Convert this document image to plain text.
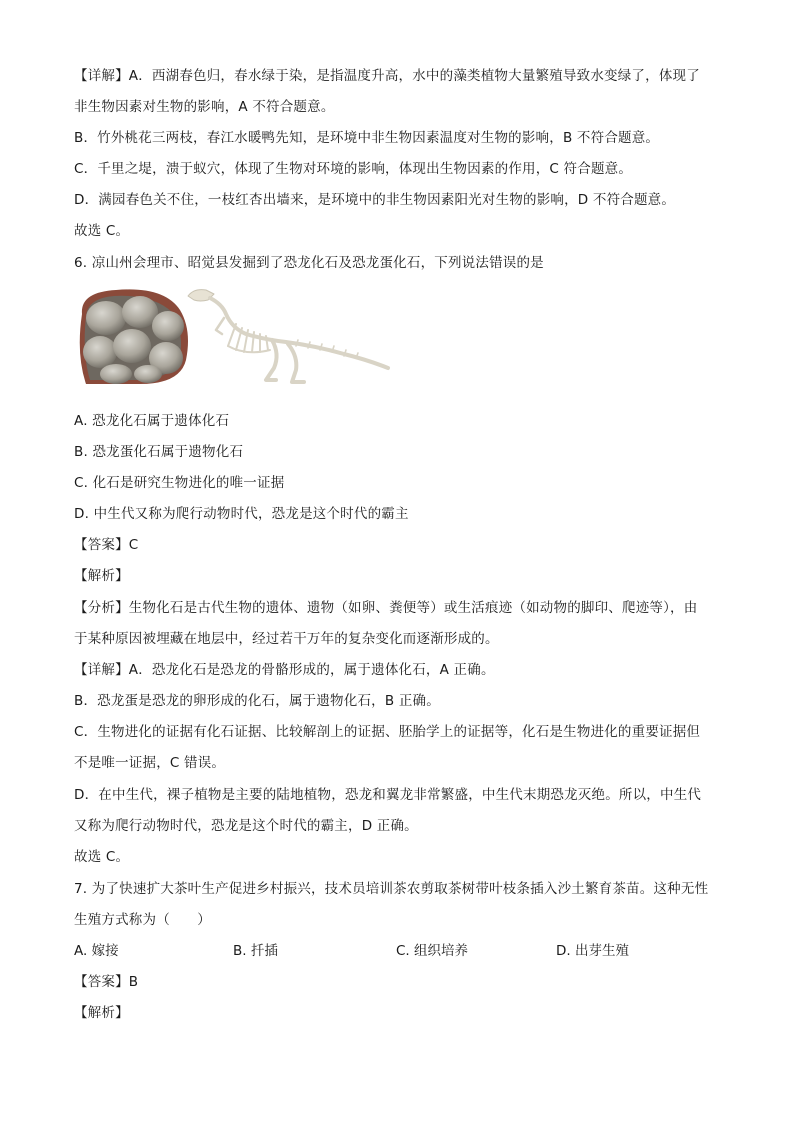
【详解】A．西湖春色归，春水绿于染，是指温度升高，水中的藻类植物大量繁殖导致水变绿了，体现了
非生物因素对生物的影响，A 不符合题意。
B．竹外桃花三两枝，春江水暖鸭先知，是环境中非生物因素温度对生物的影响，B 不符合题意。
C．千里之堤，溃于蚁穴，体现了生物对环境的影响，体现出生物因素的作用，C 符合题意。
D．满园春色关不住，一枝红杏出墙来，是环境中的非生物因素阳光对生物的影响，D 不符合题意。
故选 C。
6. 凉山州会理市、昭觉县发掘到了恐龙化石及恐龙蛋化石，下列说法错误的是
A. 恐龙化石属于遗体化石
B. 恐龙蛋化石属于遗物化石
C. 化石是研究生物进化的唯一证据
D. 中生代又称为爬行动物时代，恐龙是这个时代的霸主
【答案】C
【解析】
【分析】生物化石是古代生物的遗体、遗物（如卵、粪便等）或生活痕迹（如动物的脚印、爬迹等），由
于某种原因被埋藏在地层中，经过若干万年的复杂变化而逐渐形成的。
【详解】A．恐龙化石是恐龙的骨骼形成的，属于遗体化石，A 正确。
B．恐龙蛋是恐龙的卵形成的化石，属于遗物化石，B 正确。
C．生物进化的证据有化石证据、比较解剖上的证据、胚胎学上的证据等，化石是生物进化的重要证据但
不是唯一证据，C 错误。
D．在中生代，裸子植物是主要的陆地植物，恐龙和翼龙非常繁盛，中生代末期恐龙灭绝。所以，中生代
又称为爬行动物时代，恐龙是这个时代的霸主，D 正确。
故选 C。
7. 为了快速扩大茶叶生产促进乡村振兴，技术员培训茶农剪取茶树带叶枝条插入沙土繁育茶苗。这种无性
生殖方式称为（　　）
A. 嫁接	B. 扦插	C. 组织培养	D. 出芽生殖
【答案】B
【解析】
